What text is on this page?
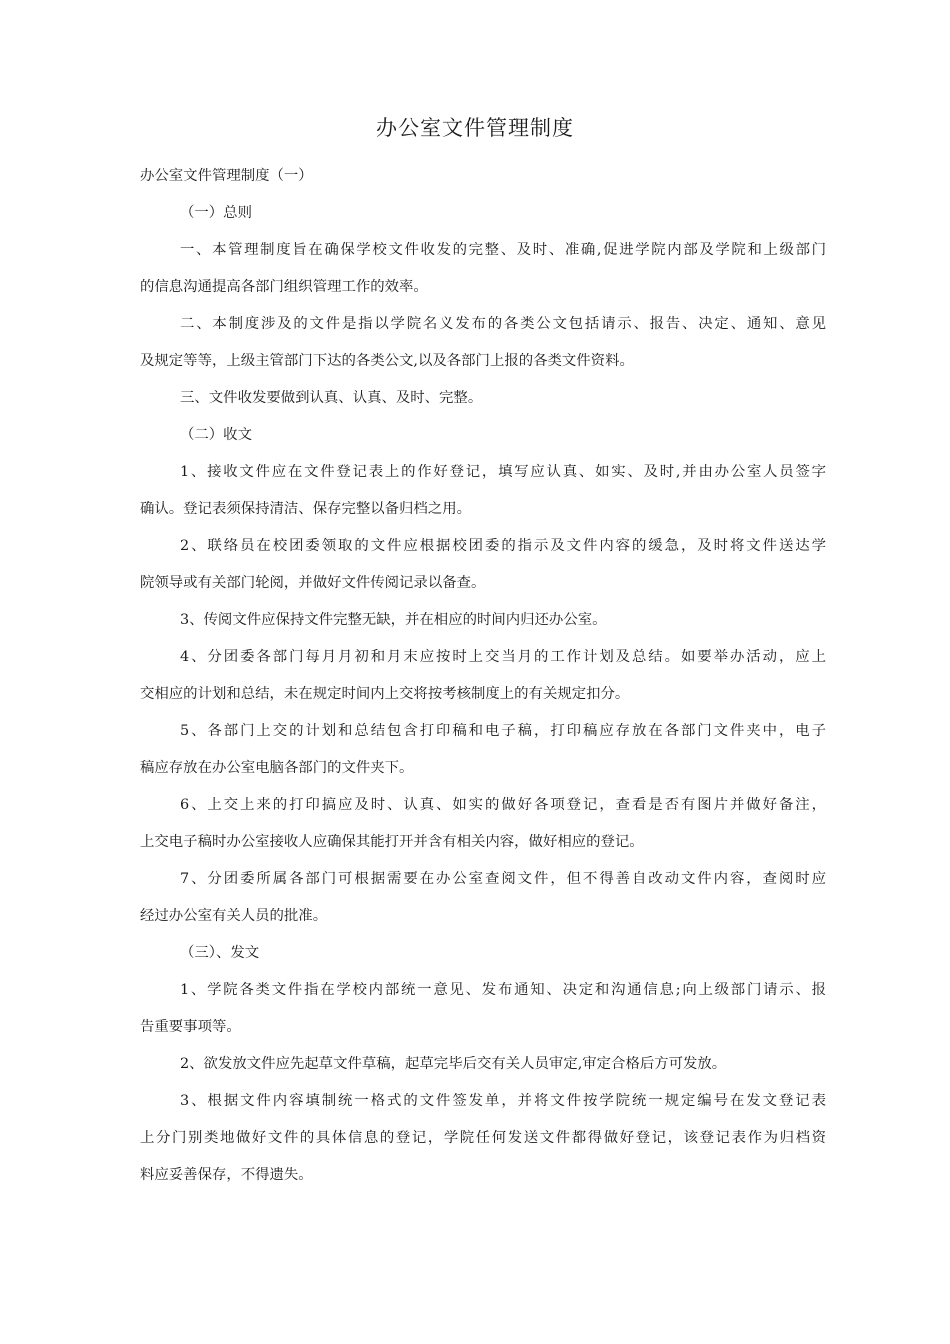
办公室文件管理制度
办公室文件管理制度（一）
（一）总则
一、本管理制度旨在确保学校文件收发的完整、及时、准确,促进学院内部及学院和上级部门
的信息沟通提高各部门组织管理工作的效率。
二、本制度涉及的文件是指以学院名义发布的各类公文包括请示、报告、决定、通知、意见
及规定等等，上级主管部门下达的各类公文,以及各部门上报的各类文件资料。
三、文件收发要做到认真、认真、及时、完整。
（二）收文
1、接收文件应在文件登记表上的作好登记，填写应认真、如实、及时,并由办公室人员签字
确认。登记表须保持清洁、保存完整以备归档之用。
2、联络员在校团委领取的文件应根据校团委的指示及文件内容的缓急，及时将文件送达学
院领导或有关部门轮阅，并做好文件传阅记录以备查。
3、传阅文件应保持文件完整无缺，并在相应的时间内归还办公室。
4、分团委各部门每月月初和月末应按时上交当月的工作计划及总结。如要举办活动，应上
交相应的计划和总结，未在规定时间内上交将按考核制度上的有关规定扣分。
5、各部门上交的计划和总结包含打印稿和电子稿，打印稿应存放在各部门文件夹中，电子
稿应存放在办公室电脑各部门的文件夹下。
6、上交上来的打印搞应及时、认真、如实的做好各项登记，查看是否有图片并做好备注，
上交电子稿时办公室接收人应确保其能打开并含有相关内容，做好相应的登记。
7、分团委所属各部门可根据需要在办公室查阅文件，但不得善自改动文件内容，查阅时应
经过办公室有关人员的批准。
（三）、发文
1、学院各类文件指在学校内部统一意见、发布通知、决定和沟通信息;向上级部门请示、报
告重要事项等。
2、欲发放文件应先起草文件草稿，起草完毕后交有关人员审定,审定合格后方可发放。
3、根据文件内容填制统一格式的文件签发单，并将文件按学院统一规定编号在发文登记表
上分门别类地做好文件的具体信息的登记，学院任何发送文件都得做好登记，该登记表作为归档资
料应妥善保存，不得遗失。
